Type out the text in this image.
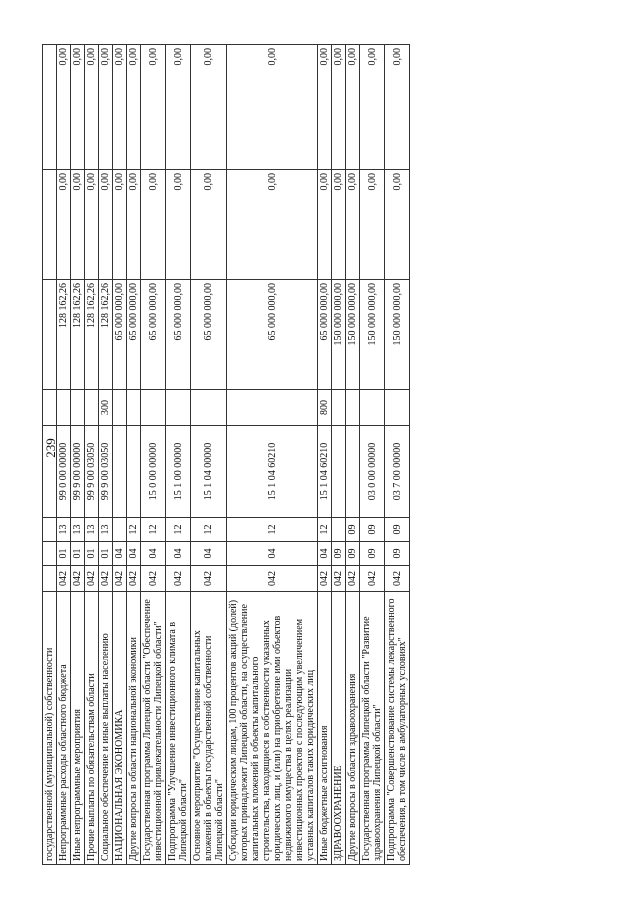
239
государственной (муниципальной) собственности								
Непрограммные расходы областного бюджета	042	01	13	99 0 00 00000		128 162,26	0,00	0,00
Иные непрограммные мероприятия	042	01	13	99 9 00 00000		128 162,26	0,00	0,00
Прочие выплаты по обязательствам области	042	01	13	99 9 00 03050		128 162,26	0,00	0,00
Социальное обеспечение и иные выплаты населению	042	01	13	99 9 00 03050	300	128 162,26	0,00	0,00
НАЦИОНАЛЬНАЯ ЭКОНОМИКА	042	04				65 000 000,00	0,00	0,00
Другие вопросы в области национальной экономики	042	04	12			65 000 000,00	0,00	0,00
Государственная программа Липецкой области "Обеспечение инвестиционной привлекательности Липецкой области"	042	04	12	15 0 00 00000		65 000 000,00	0,00	0,00
Подпрограмма "Улучшение инвестиционного климата в Липецкой области"	042	04	12	15 1 00 00000		65 000 000,00	0,00	0,00
Основное мероприятие "Осуществление капитальных вложений в объекты государственной собственности Липецкой области"	042	04	12	15 1 04 00000		65 000 000,00	0,00	0,00
Субсидии юридическим лицам, 100 процентов акций (долей) которых принадлежит Липецкой области, на осуществление капитальных вложений в объекты капитального строительства, находящиеся в собственности указанных юридических лиц, и (или) на приобретение ими объектов недвижимого имущества в целях реализации инвестиционных проектов с последующим увеличением уставных капиталов таких юридических лиц	042	04	12	15 1 04 60210		65 000 000,00	0,00	0,00
Иные бюджетные ассигнования	042	04	12	15 1 04 60210	800	65 000 000,00	0,00	0,00
ЗДРАВООХРАНЕНИЕ	042	09				150 000 000,00	0,00	0,00
Другие вопросы в области здравоохранения	042	09	09			150 000 000,00	0,00	0,00
Государственная программа Липецкой области "Развитие здравоохранения Липецкой области"	042	09	09	03 0 00 00000		150 000 000,00	0,00	0,00
Подпрограмма "Совершенствование системы лекарственного обеспечения, в том числе в амбулаторных условиях"	042	09	09	03 7 00 00000		150 000 000,00	0,00	0,00
